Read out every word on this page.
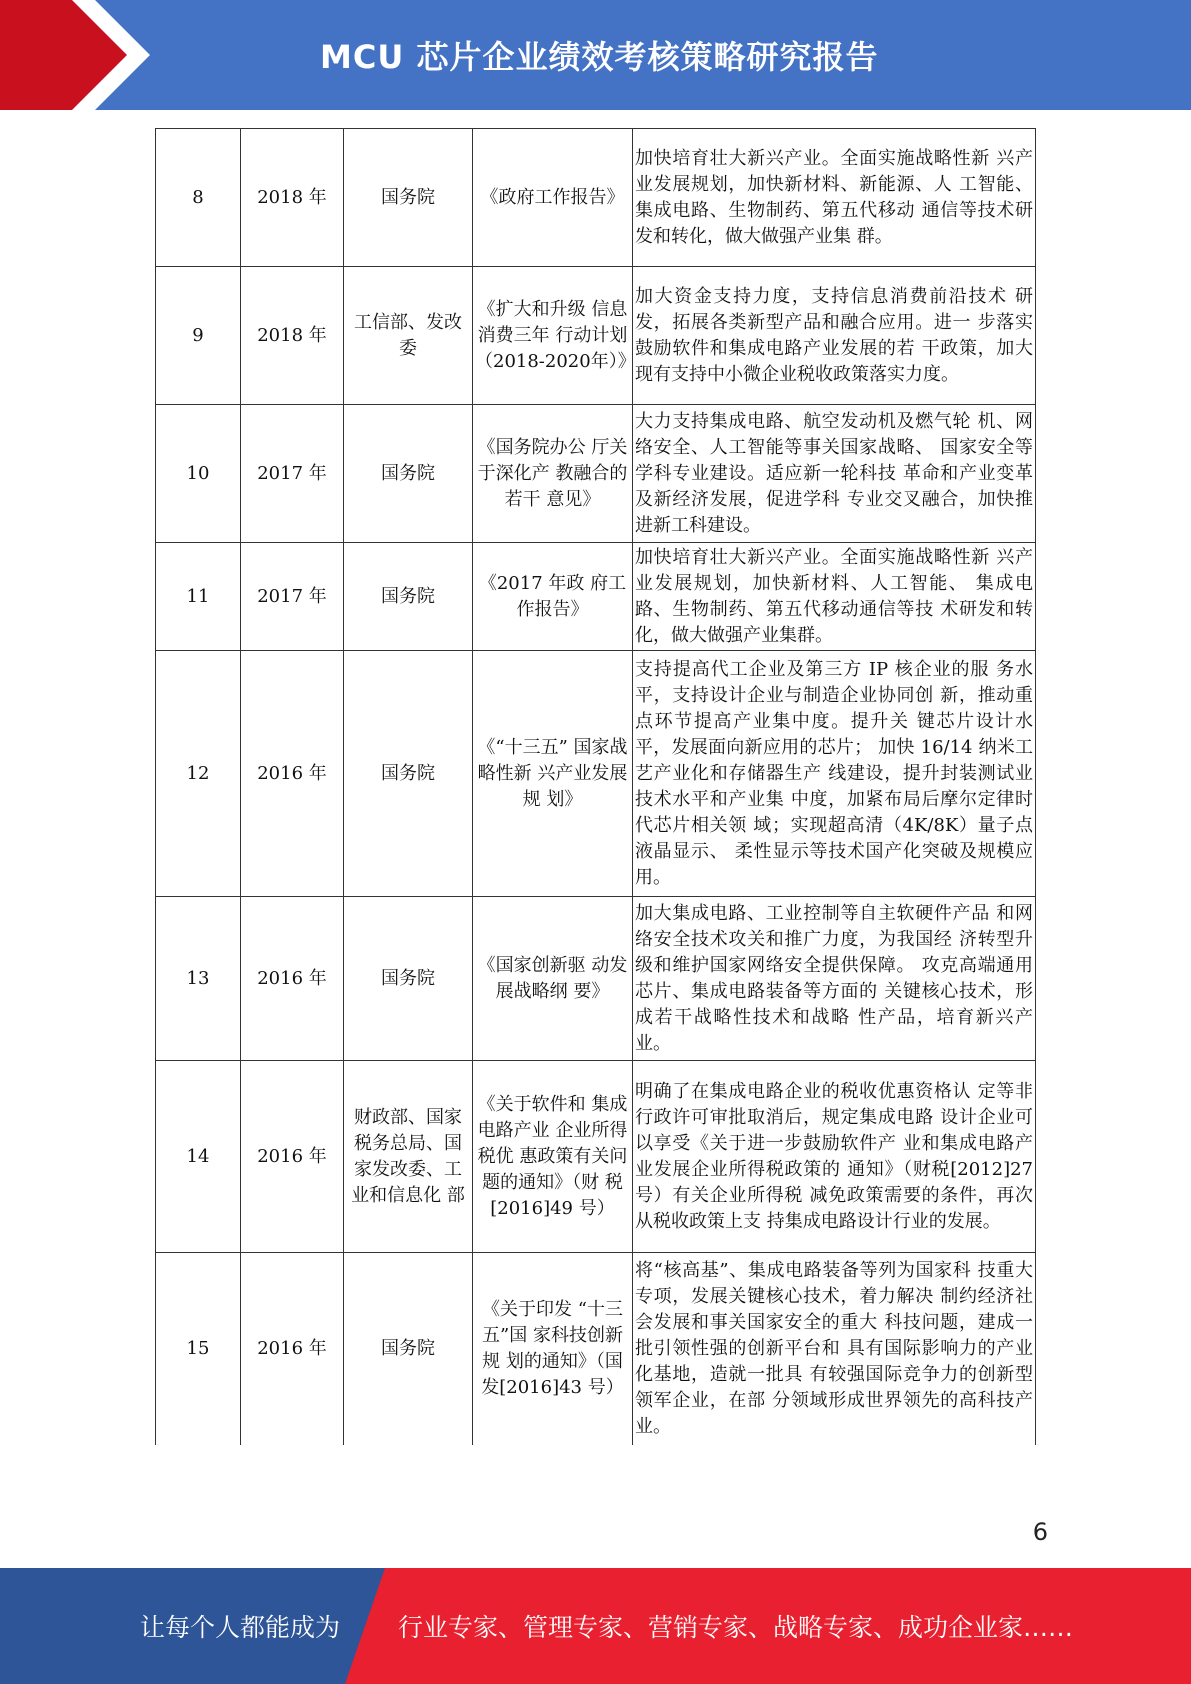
MCU 芯片企业绩效考核策略研究报告
8	2018 年	国务院	《政府工作报告》	加快培育壮大新兴产业。全面实施战略性新 兴产业发展规划，加快新材料、新能源、人 工智能、集成电路、生物制药、第五代移动 通信等技术研发和转化，做大做强产业集 群。
9	2018 年	工信部、发改委	《扩大和升级 信息消费三年 行动计划（2018-2020年）》	加大资金支持力度，支持信息消费前沿技术 研发，拓展各类新型产品和融合应用。进一 步落实鼓励软件和集成电路产业发展的若 干政策，加大现有支持中小微企业税收政策落实力度。
10	2017 年	国务院	《国务院办公 厅关于深化产 教融合的若干 意见》	大力支持集成电路、航空发动机及燃气轮 机、网络安全、人工智能等事关国家战略、 国家安全等学科专业建设。适应新一轮科技 革命和产业变革及新经济发展，促进学科 专业交叉融合，加快推进新工科建设。
11	2017 年	国务院	《2017 年政 府工作报告》	加快培育壮大新兴产业。全面实施战略性新 兴产业发展规划，加快新材料、人工智能、 集成电路、生物制药、第五代移动通信等技 术研发和转化，做大做强产业集群。
12	2016 年	国务院	《“十三五” 国家战略性新 兴产业发展规 划》	支持提高代工企业及第三方 IP 核企业的服 务水平，支持设计企业与制造企业协同创 新，推动重点环节提高产业集中度。提升关 键芯片设计水平，发展面向新应用的芯片； 加快 16/14 纳米工艺产业化和存储器生产 线建设，提升封装测试业技术水平和产业集 中度，加紧布局后摩尔定律时代芯片相关领 域；实现超高清（4K/8K）量子点液晶显示、 柔性显示等技术国产化突破及规模应用。
13	2016 年	国务院	《国家创新驱 动发展战略纲 要》	加大集成电路、工业控制等自主软硬件产品 和网络安全技术攻关和推广力度，为我国经 济转型升级和维护国家网络安全提供保障。 攻克高端通用芯片、集成电路装备等方面的 关键核心技术，形成若干战略性技术和战略 性产品，培育新兴产业。
14	2016 年	财政部、国家税务总局、国家发改委、工业和信息化 部	《关于软件和 集成电路产业 企业所得税优 惠政策有关问 题的通知》（财 税[2016]49 号）	明确了在集成电路企业的税收优惠资格认 定等非行政许可审批取消后，规定集成电路 设计企业可以享受《关于进一步鼓励软件产 业和集成电路产业发展企业所得税政策的 通知》（财税[2012]27 号）有关企业所得税 减免政策需要的条件，再次从税收政策上支 持集成电路设计行业的发展。
15	2016 年	国务院	《关于印发 “十三五”国 家科技创新规 划的通知》（国 发[2016]43 号）	将“核高基”、集成电路装备等列为国家科 技重大专项，发展关键核心技术，着力解决 制约经济社会发展和事关国家安全的重大 科技问题，建成一批引领性强的创新平台和 具有国际影响力的产业化基地，造就一批具 有较强国际竞争力的创新型领军企业，在部 分领域形成世界领先的高科技产业。
6
让每个人都能成为 行业专家、管理专家、营销专家、战略专家、成功企业家……
